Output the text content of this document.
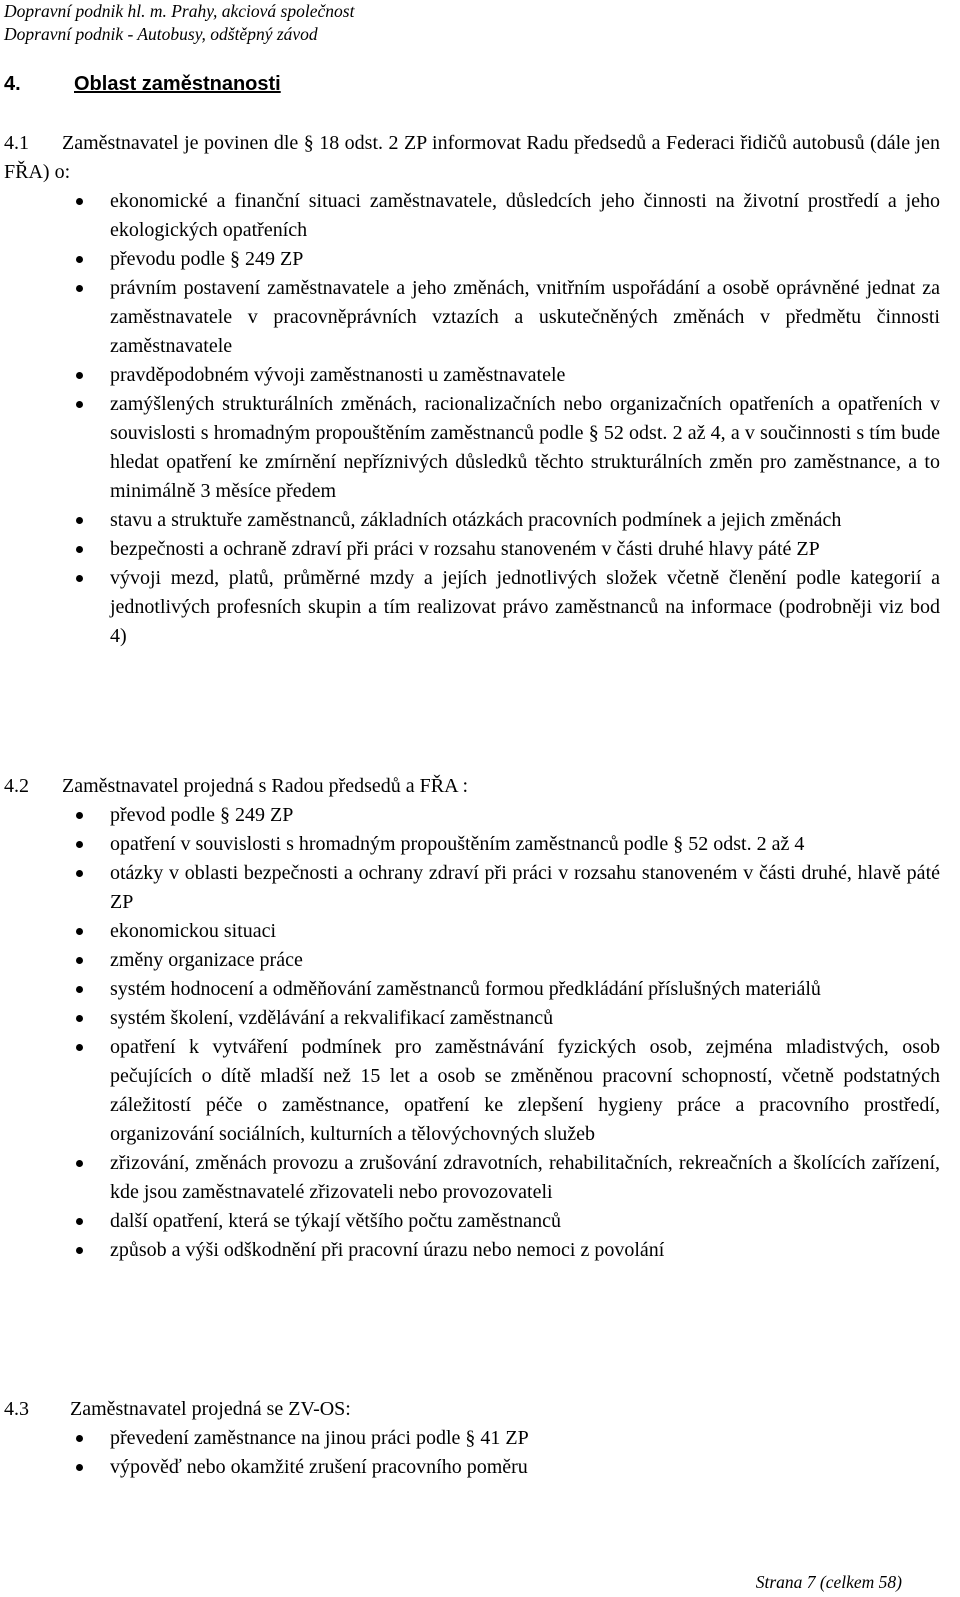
Dopravní podnik hl. m. Prahy, akciová společnost
Dopravní podnik - Autobusy, odštěpný závod
4.	Oblast zaměstnanosti
4.1 Zaměstnavatel je povinen dle § 18 odst. 2 ZP informovat Radu předsedů a Federaci řidičů autobusů (dále jen FŘA) o:
ekonomické a finanční situaci zaměstnavatele, důsledcích jeho činnosti na životní prostředí a jeho ekologických opatřeních
převodu podle § 249 ZP
právním postavení zaměstnavatele a jeho změnách, vnitřním uspořádání a osobě oprávněné jednat za zaměstnavatele v pracovněprávních vztazích a uskutečněných změnách v předmětu činnosti zaměstnavatele
pravděpodobném vývoji zaměstnanosti u zaměstnavatele
zamýšlených strukturálních změnách, racionalizačních nebo organizačních opatřeních a opatřeních v souvislosti s hromadným propouštěním zaměstnanců podle § 52 odst. 2 až 4, a v součinnosti s tím bude hledat opatření ke zmírnění nepříznivých důsledků těchto strukturálních změn pro zaměstnance, a to minimálně 3 měsíce předem
stavu a struktuře zaměstnanců, základních otázkách pracovních podmínek a jejich změnách
bezpečnosti a ochraně zdraví při práci v rozsahu stanoveném v části druhé hlavy páté ZP
vývoji mezd, platů, průměrné mzdy a jejích jednotlivých složek včetně členění podle kategorií a jednotlivých profesních skupin a tím realizovat právo zaměstnanců na informace (podrobněji viz bod 4)
4.2 Zaměstnavatel projedná s Radou předsedů a FŘA :
převod podle § 249 ZP
opatření v souvislosti s hromadným propouštěním zaměstnanců podle § 52 odst. 2 až 4
otázky v oblasti bezpečnosti a ochrany zdraví při práci v rozsahu stanoveném v části druhé, hlavě páté ZP
ekonomickou situaci
změny organizace práce
systém hodnocení a odměňování zaměstnanců formou předkládání příslušných materiálů
systém školení, vzdělávání a rekvalifikací zaměstnanců
opatření k vytváření podmínek pro zaměstnávání fyzických osob, zejména mladistvých, osob pečujících o dítě mladší než 15 let a osob se změněnou pracovní schopností, včetně podstatných záležitostí péče o zaměstnance, opatření ke zlepšení hygieny práce a pracovního prostředí, organizování sociálních, kulturních a tělovýchovných služeb
zřizování, změnách provozu a zrušování zdravotních, rehabilitačních, rekreačních a školících zařízení, kde jsou zaměstnavatelé zřizovateli nebo provozovateli
další opatření, která se týkají většího počtu zaměstnanců
způsob a výši odškodnění při pracovní úrazu nebo nemoci z povolání
4.3 Zaměstnavatel projedná se ZV-OS:
převedení zaměstnance na jinou práci podle § 41 ZP
výpověď nebo okamžité zrušení pracovního poměru
Strana 7 (celkem 58)
